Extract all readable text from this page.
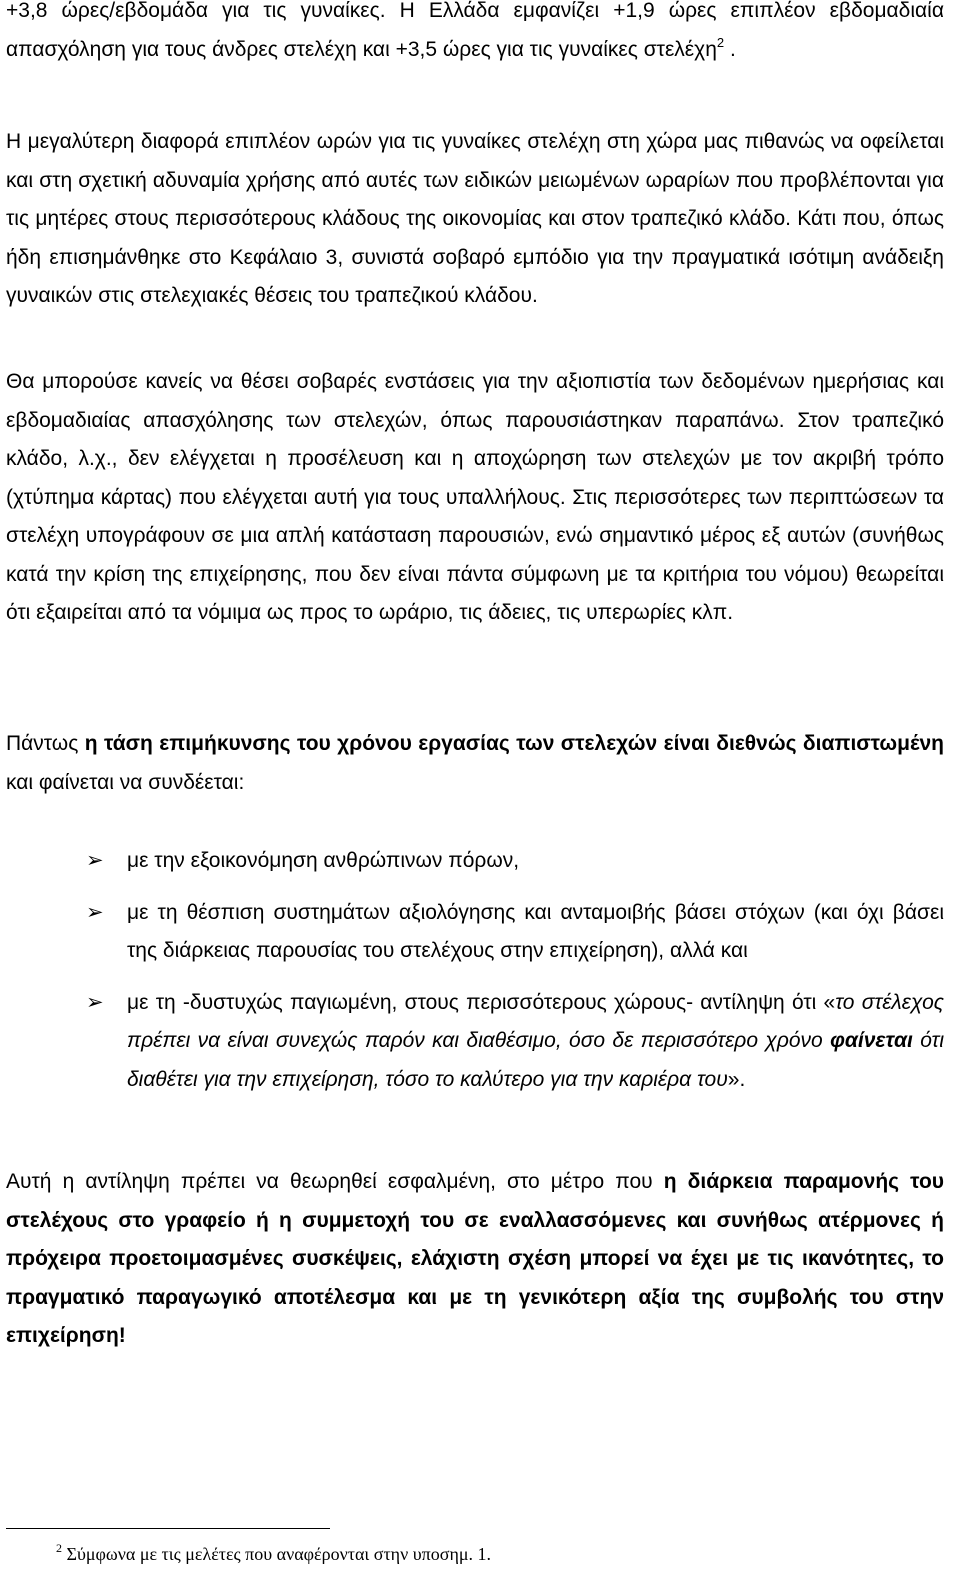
+3,8 ώρες/εβδομάδα για τις γυναίκες. Η Ελλάδα εμφανίζει +1,9 ώρες επιπλέον εβδομαδιαία απασχόληση για τους άνδρες στελέχη και +3,5 ώρες για τις γυναίκες στελέχη$^2$ .

Η μεγαλύτερη διαφορά επιπλέον ωρών για τις γυναίκες στελέχη στη χώρα μας πιθανώς να οφείλεται και στη σχετική αδυναμία χρήσης από αυτές των ειδικών μειωμένων ωραρίων που προβλέπονται για τις μητέρες στους περισσότερους κλάδους της οικονομίας και στον τραπεζικό κλάδο. Κάτι που, όπως ήδη επισημάνθηκε στο Κεφάλαιο 3, συνιστά σοβαρό εμπόδιο για την πραγματικά ισότιμη ανάδειξη γυναικών στις στελεχιακές θέσεις του τραπεζικού κλάδου.

Θα μπορούσε κανείς να θέσει σοβαρές ενστάσεις για την αξιοπιστία των δεδομένων ημερήσιας και εβδομαδιαίας απασχόλησης των στελεχών, όπως παρουσιάστηκαν παραπάνω. Στον τραπεζικό κλάδο, λ.χ., δεν ελέγχεται η προσέλευση και η αποχώρηση των στελεχών με τον ακριβή τρόπο (χτύπημα κάρτας) που ελέγχεται αυτή για τους υπαλλήλους. Στις περισσότερες των περιπτώσεων τα στελέχη υπογράφουν σε μια απλή κατάσταση παρουσιών, ενώ σημαντικό μέρος εξ αυτών (συνήθως κατά την κρίση της επιχείρησης, που δεν είναι πάντα σύμφωνη με τα κριτήρια του νόμου) θεωρείται ότι εξαιρείται από τα νόμιμα ως προς το ωράριο, τις άδειες, τις υπερωρίες κλπ.

Πάντως η τάση επιμήκυνσης του χρόνου εργασίας των στελεχών είναι διεθνώς διαπιστωμένη και φαίνεται να συνδέεται:

➢ με την εξοικονόμηση ανθρώπινων πόρων,

➢ με τη θέσπιση συστημάτων αξιολόγησης και ανταμοιβής βάσει στόχων (και όχι βάσει της διάρκειας παρουσίας του στελέχους στην επιχείρηση), αλλά και

➢ με τη -δυστυχώς παγιωμένη, στους περισσότερους χώρους- αντίληψη ότι «το στέλεχος πρέπει να είναι συνεχώς παρόν και διαθέσιμο, όσο δε περισσότερο χρόνο φαίνεται ότι διαθέτει για την επιχείρηση, τόσο το καλύτερο για την καριέρα του».

Αυτή η αντίληψη πρέπει να θεωρηθεί εσφαλμένη, στο μέτρο που η διάρκεια παραμονής του στελέχους στο γραφείο ή η συμμετοχή του σε εναλλασσόμενες και συνήθως ατέρμονες ή πρόχειρα προετοιμασμένες συσκέψεις, ελάχιστη σχέση μπορεί να έχει με τις ικανότητες, το πραγματικό παραγωγικό αποτέλεσμα και με τη γενικότερη αξία της συμβολής του στην επιχείρηση!

$^2$ Σύμφωνα με τις μελέτες που αναφέρονται στην υποσημ. 1.
